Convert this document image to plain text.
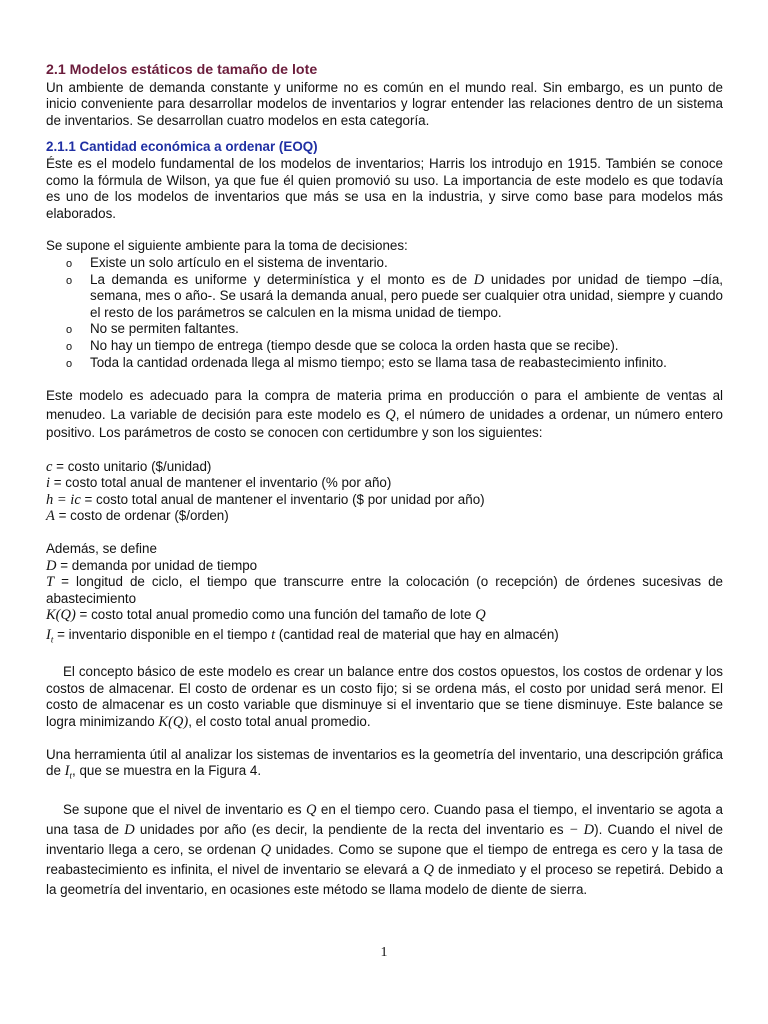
2.1 Modelos estáticos de tamaño de lote

Un ambiente de demanda constante y uniforme no es común en el mundo real. Sin embargo, es un punto de inicio conveniente para desarrollar modelos de inventarios y lograr entender las relaciones dentro de un sistema de inventarios. Se desarrollan cuatro modelos en esta categoría.

2.1.1 Cantidad económica a ordenar (EOQ)

Éste es el modelo fundamental de los modelos de inventarios; Harris los introdujo en 1915. También se conoce como la fórmula de Wilson, ya que fue él quien promovió su uso. La importancia de este modelo es que todavía es uno de los modelos de inventarios que más se usa en la industria, y sirve como base para modelos más elaborados.

Se supone el siguiente ambiente para la toma de decisiones:

o Existe un solo artículo en el sistema de inventario.
o La demanda es uniforme y determinística y el monto es de D unidades por unidad de tiempo –día, semana, mes o año-. Se usará la demanda anual, pero puede ser cualquier otra unidad, siempre y cuando el resto de los parámetros se calculen en la misma unidad de tiempo.
o No se permiten faltantes.
o No hay un tiempo de entrega (tiempo desde que se coloca la orden hasta que se recibe).
o Toda la cantidad ordenada llega al mismo tiempo; esto se llama tasa de reabastecimiento infinito.

Este modelo es adecuado para la compra de materia prima en producción o para el ambiente de ventas al menudeo. La variable de decisión para este modelo es Q, el número de unidades a ordenar, un número entero positivo. Los parámetros de costo se conocen con certidumbre y son los siguientes:

c = costo unitario ($/unidad)
i = costo total anual de mantener el inventario (% por año)
h = ic = costo total anual de mantener el inventario ($ por unidad por año)
A = costo de ordenar ($/orden)
Además, se define
D = demanda por unidad de tiempo

T = longitud de ciclo, el tiempo que transcurre entre la colocación (o recepción) de órdenes sucesivas de abastecimiento

K(Q) = costo total anual promedio como una función del tamaño de lote Q
$I_t$ = inventario disponible en el tiempo t (cantidad real de material que hay en almacén)

El concepto básico de este modelo es crear un balance entre dos costos opuestos, los costos de ordenar y los costos de almacenar. El costo de ordenar es un costo fijo; si se ordena más, el costo por unidad será menor. El costo de almacenar es un costo variable que disminuye si el inventario que se tiene disminuye. Este balance se logra minimizando K(Q), el costo total anual promedio.

Una herramienta útil al analizar los sistemas de inventarios es la geometría del inventario, una descripción gráfica de $I_t$, que se muestra en la Figura 4.

Se supone que el nivel de inventario es Q en el tiempo cero. Cuando pasa el tiempo, el inventario se agota a una tasa de D unidades por año (es decir, la pendiente de la recta del inventario es − D). Cuando el nivel de inventario llega a cero, se ordenan Q unidades. Como se supone que el tiempo de entrega es cero y la tasa de reabastecimiento es infinita, el nivel de inventario se elevará a Q de inmediato y el proceso se repetirá. Debido a la geometría del inventario, en ocasiones este método se llama modelo de diente de sierra.

1
